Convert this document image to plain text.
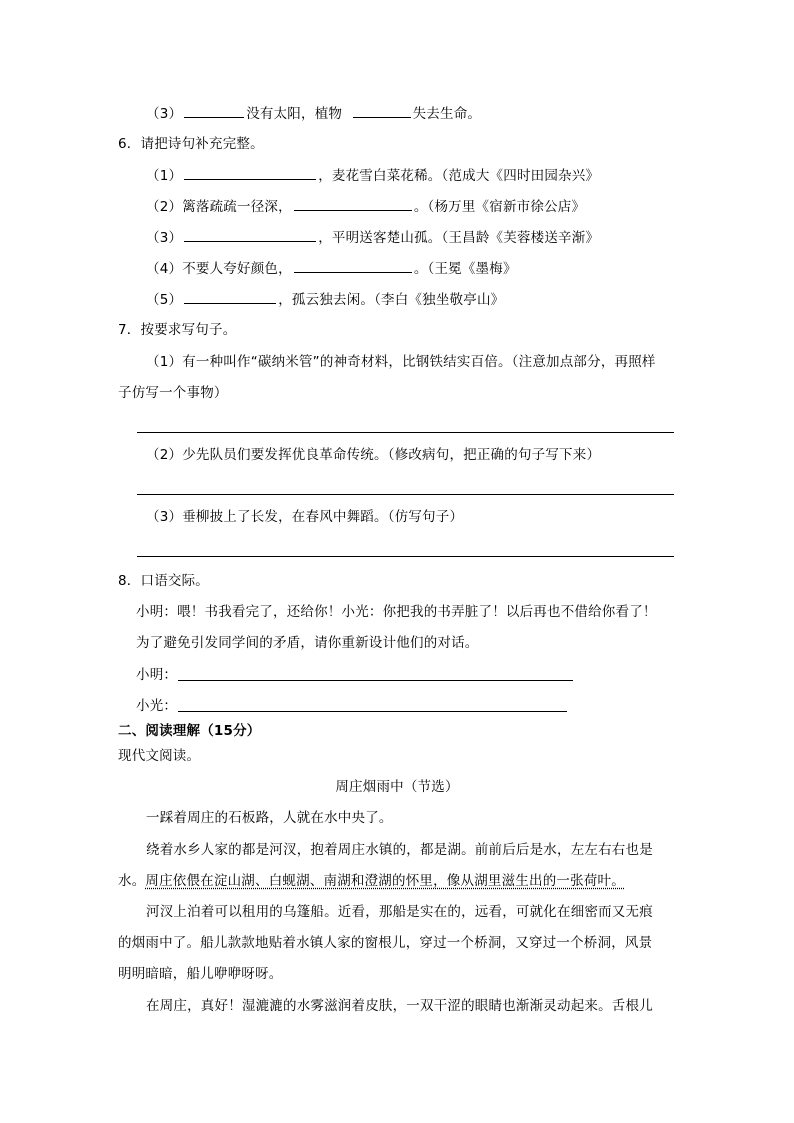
（3）	没有太阳，植物	失去生命。
6．请把诗句补充完整。
（1）	，麦花雪白菜花稀。（范成大《四时田园杂兴》
（2）篱落疏疏一径深，	。（杨万里《宿新市徐公店》
（3）	，平明送客楚山孤。（王昌龄《芙蓉楼送辛渐》
（4）不要人夸好颜色，	。（王冕《墨梅》
（5）	，孤云独去闲。（李白《独坐敬亭山》
7．按要求写句子。
（1）有一种叫作“碳纳米管”的神奇材料，比钢铁结实百倍。（注意加点部分，再照样
子仿写一个事物）
（2）少先队员们要发挥优良革命传统。（修改病句，把正确的句子写下来）
（3）垂柳披上了长发，在春风中舞蹈。（仿写句子）
8．口语交际。
小明：喂！书我看完了，还给你！小光：你把我的书弄脏了！以后再也不借给你看了！
为了避免引发同学间的矛盾，请你重新设计他们的对话。
小明：
小光：
二、阅读理解（15分）
现代文阅读。
周庄烟雨中（节选）
一踩着周庄的石板路，人就在水中央了。
绕着水乡人家的都是河汊，抱着周庄水镇的，都是湖。前前后后是水，左左右右也是
水。周庄依偎在淀山湖、白蚬湖、南湖和澄湖的怀里，像从湖里滋生出的一张荷叶。
河汊上泊着可以租用的乌篷船。近看，那船是实在的，远看，可就化在细密而又无痕
的烟雨中了。船儿款款地贴着水镇人家的窗根儿，穿过一个桥洞，又穿过一个桥洞，风景
明明暗暗，船儿咿咿呀呀。
在周庄，真好！湿漉漉的水雾滋润着皮肤，一双干涩的眼睛也渐渐灵动起来。舌根儿
